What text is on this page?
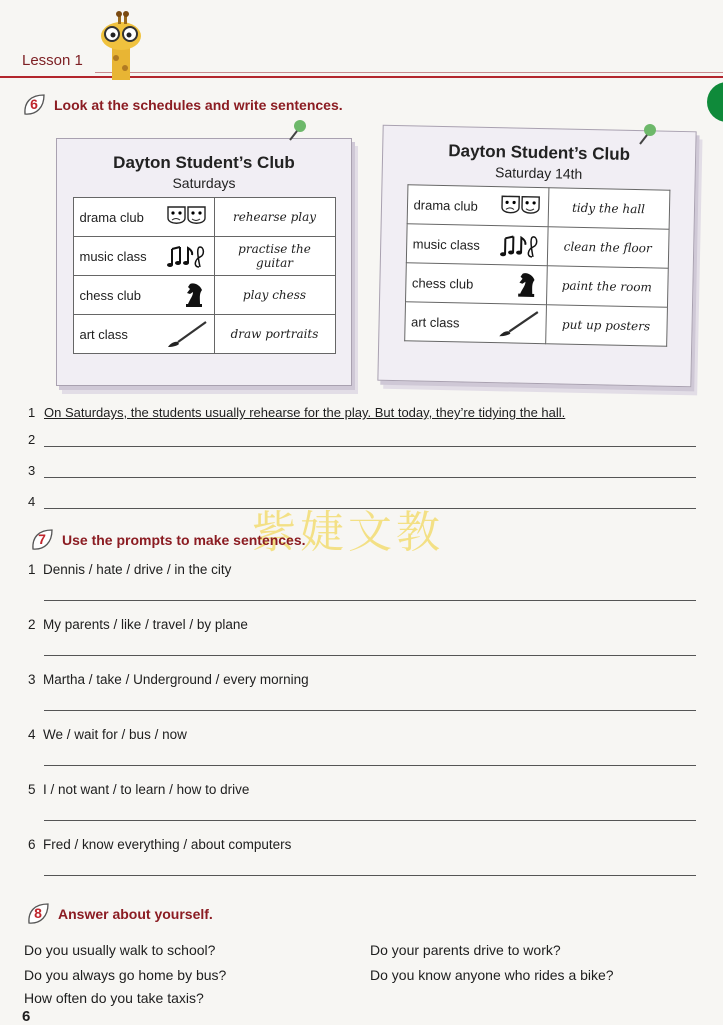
Lesson 1
6	Look at the schedules and write sentences.
Dayton Student’s Club
Saturdays
drama club	rehearse play

music class	practise the guitar

chess club	play chess

art class	draw portraits
Dayton Student’s Club
Saturday 14th
drama club	tidy the hall

music class	clean the floor

chess club	paint the room

art class	put up posters
1 On Saturdays, the students usually rehearse for the play. But today, they’re tidying the hall.
2
3
4
紫婕文教
7	Use the prompts to make sentences.
1 Dennis / hate / drive / in the city
2 My parents / like / travel / by plane
3 Martha / take / Underground / every morning
4 We / wait for / bus / now
5 I / not want / to learn / how to drive
6 Fred / know everything / about computers
8	Answer about yourself.
Do you usually walk to school?
Do you always go home by bus?
How often do you take taxis?
Do your parents drive to work?
Do you know anyone who rides a bike?
6
